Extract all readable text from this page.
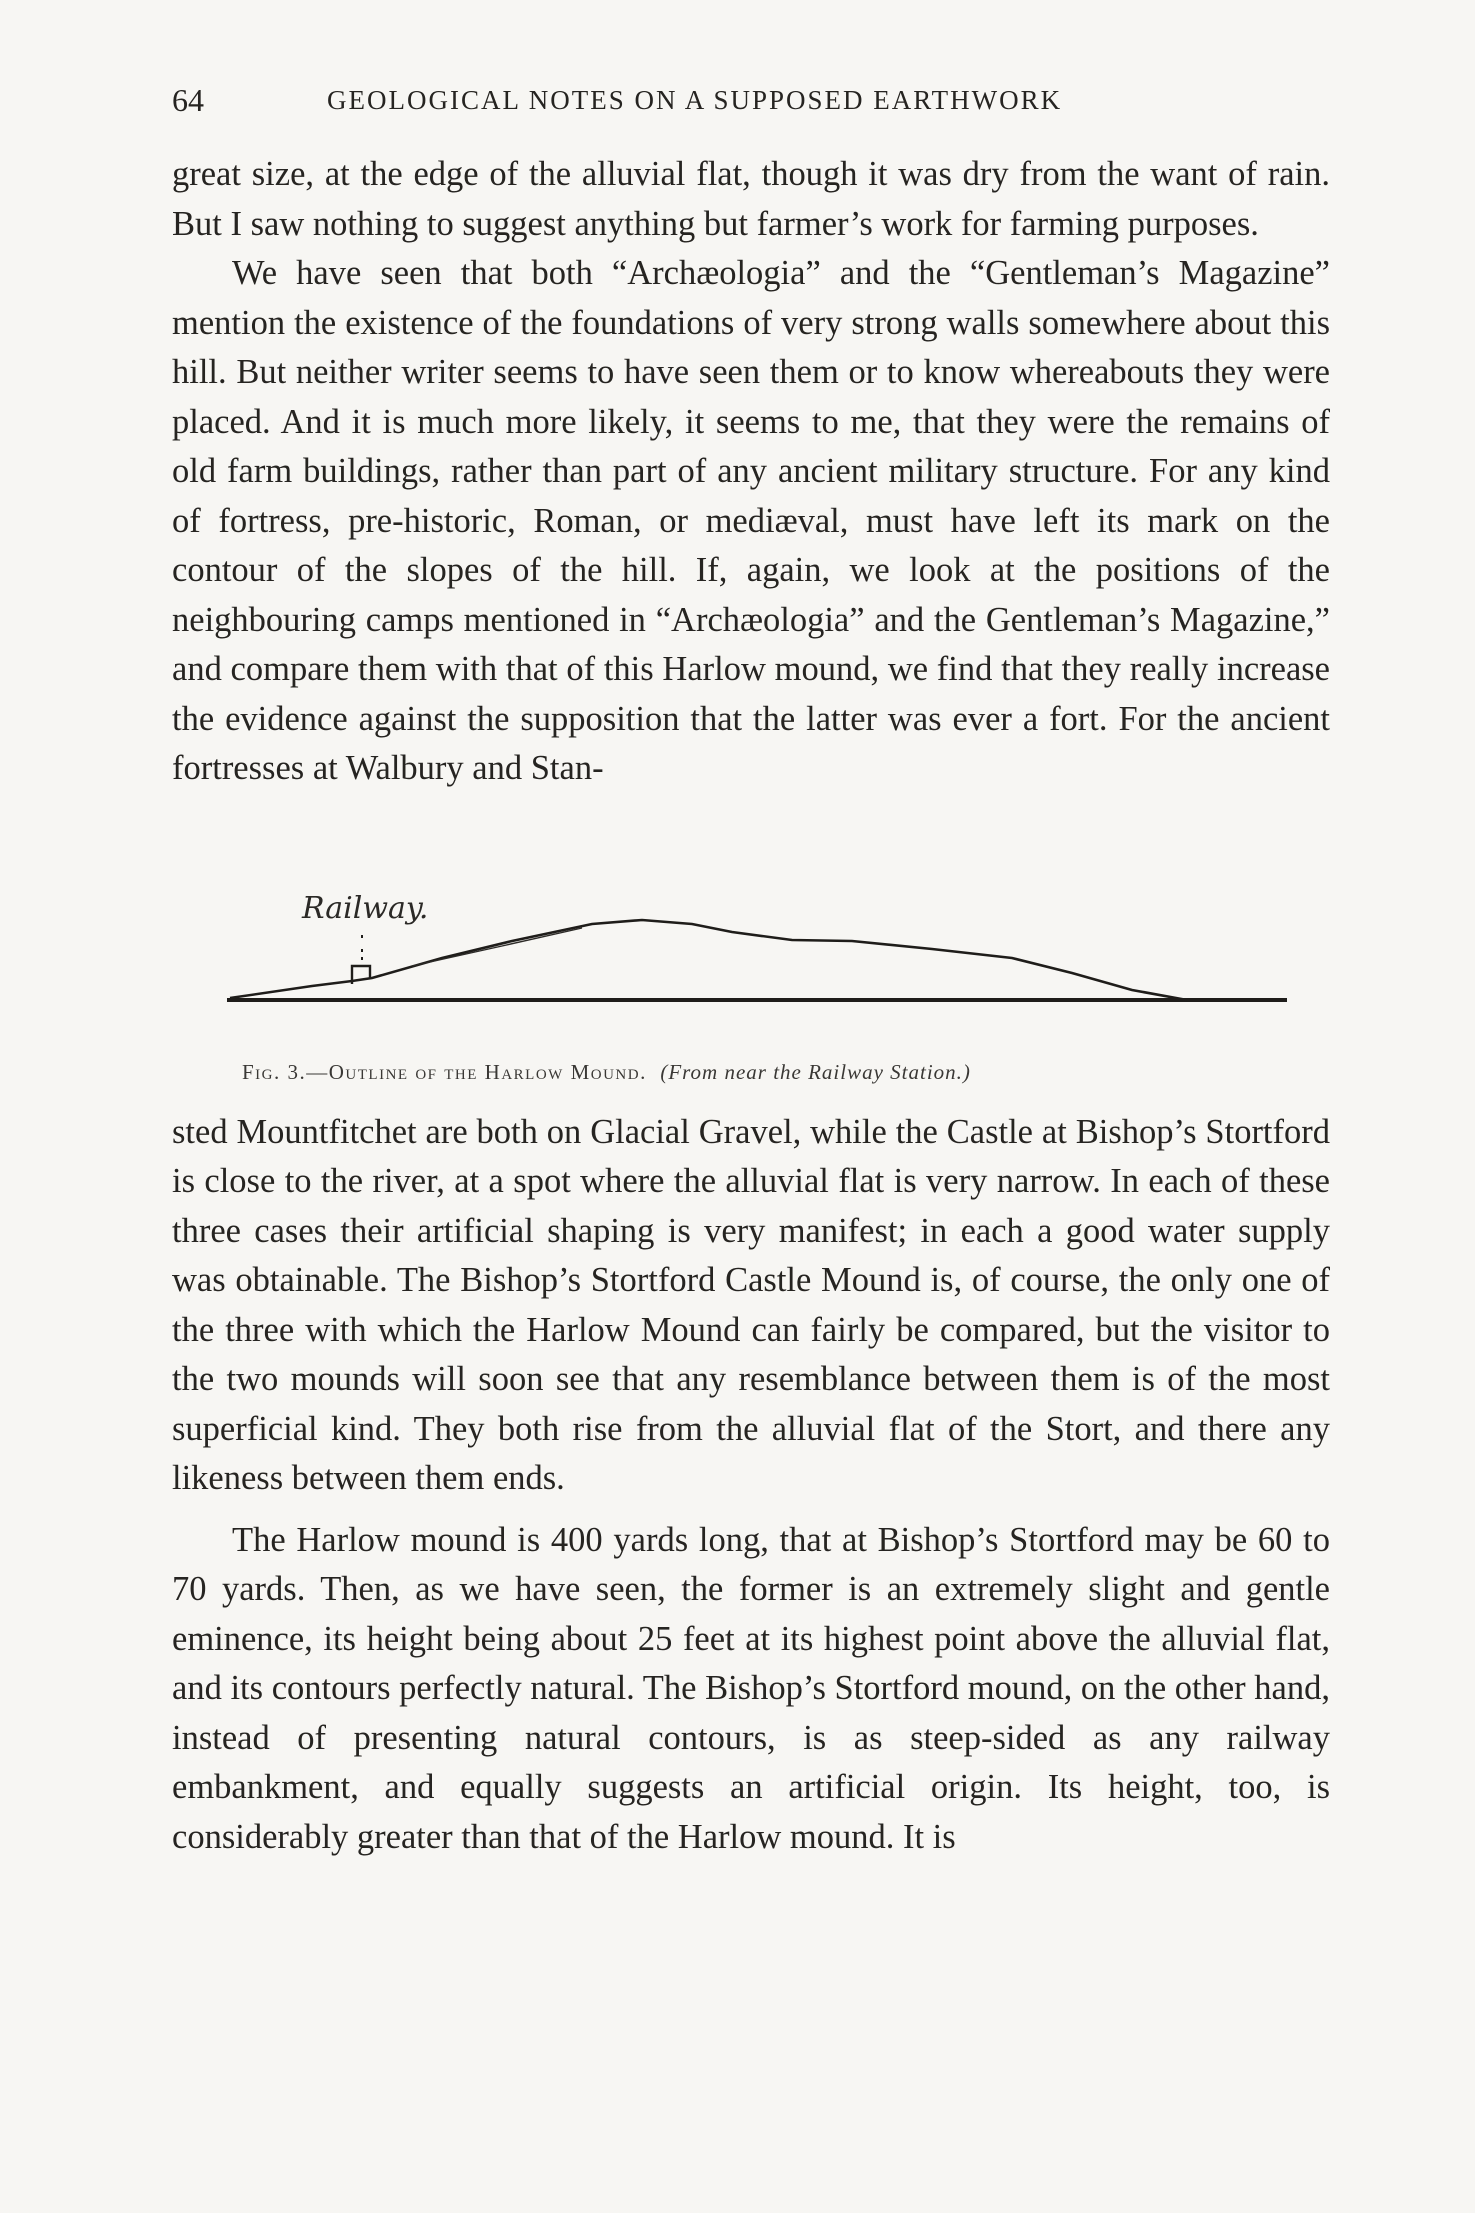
64	GEOLOGICAL NOTES ON A SUPPOSED EARTHWORK

great size, at the edge of the alluvial flat, though it was dry from the want of rain. But I saw nothing to suggest anything but farmer’s work for farming purposes.

We have seen that both “Archæologia” and the “Gentleman’s Magazine” mention the existence of the foundations of very strong walls somewhere about this hill. But neither writer seems to have seen them or to know whereabouts they were placed. And it is much more likely, it seems to me, that they were the remains of old farm buildings, rather than part of any ancient military structure. For any kind of fortress, pre-historic, Roman, or mediæval, must have left its mark on the contour of the slopes of the hill. If, again, we look at the positions of the neighbouring camps mentioned in “Archæologia” and the Gentleman’s Magazine,” and compare them with that of this Harlow mound, we find that they really increase the evidence against the supposition that the latter was ever a fort. For the ancient fortresses at Walbury and Stan-

Railway.
Fig. 3.—Outline of the Harlow Mound. (From near the Railway Station.)

sted Mountfitchet are both on Glacial Gravel, while the Castle at Bishop’s Stortford is close to the river, at a spot where the alluvial flat is very narrow. In each of these three cases their artificial shaping is very manifest; in each a good water supply was obtainable. The Bishop’s Stortford Castle Mound is, of course, the only one of the three with which the Harlow Mound can fairly be compared, but the visitor to the two mounds will soon see that any resemblance between them is of the most superficial kind. They both rise from the alluvial flat of the Stort, and there any likeness between them ends.

The Harlow mound is 400 yards long, that at Bishop’s Stortford may be 60 to 70 yards. Then, as we have seen, the former is an extremely slight and gentle eminence, its height being about 25 feet at its highest point above the alluvial flat, and its contours perfectly natural. The Bishop’s Stortford mound, on the other hand, instead of presenting natural contours, is as steep-sided as any railway embankment, and equally suggests an artificial origin. Its height, too, is considerably greater than that of the Harlow mound. It is
